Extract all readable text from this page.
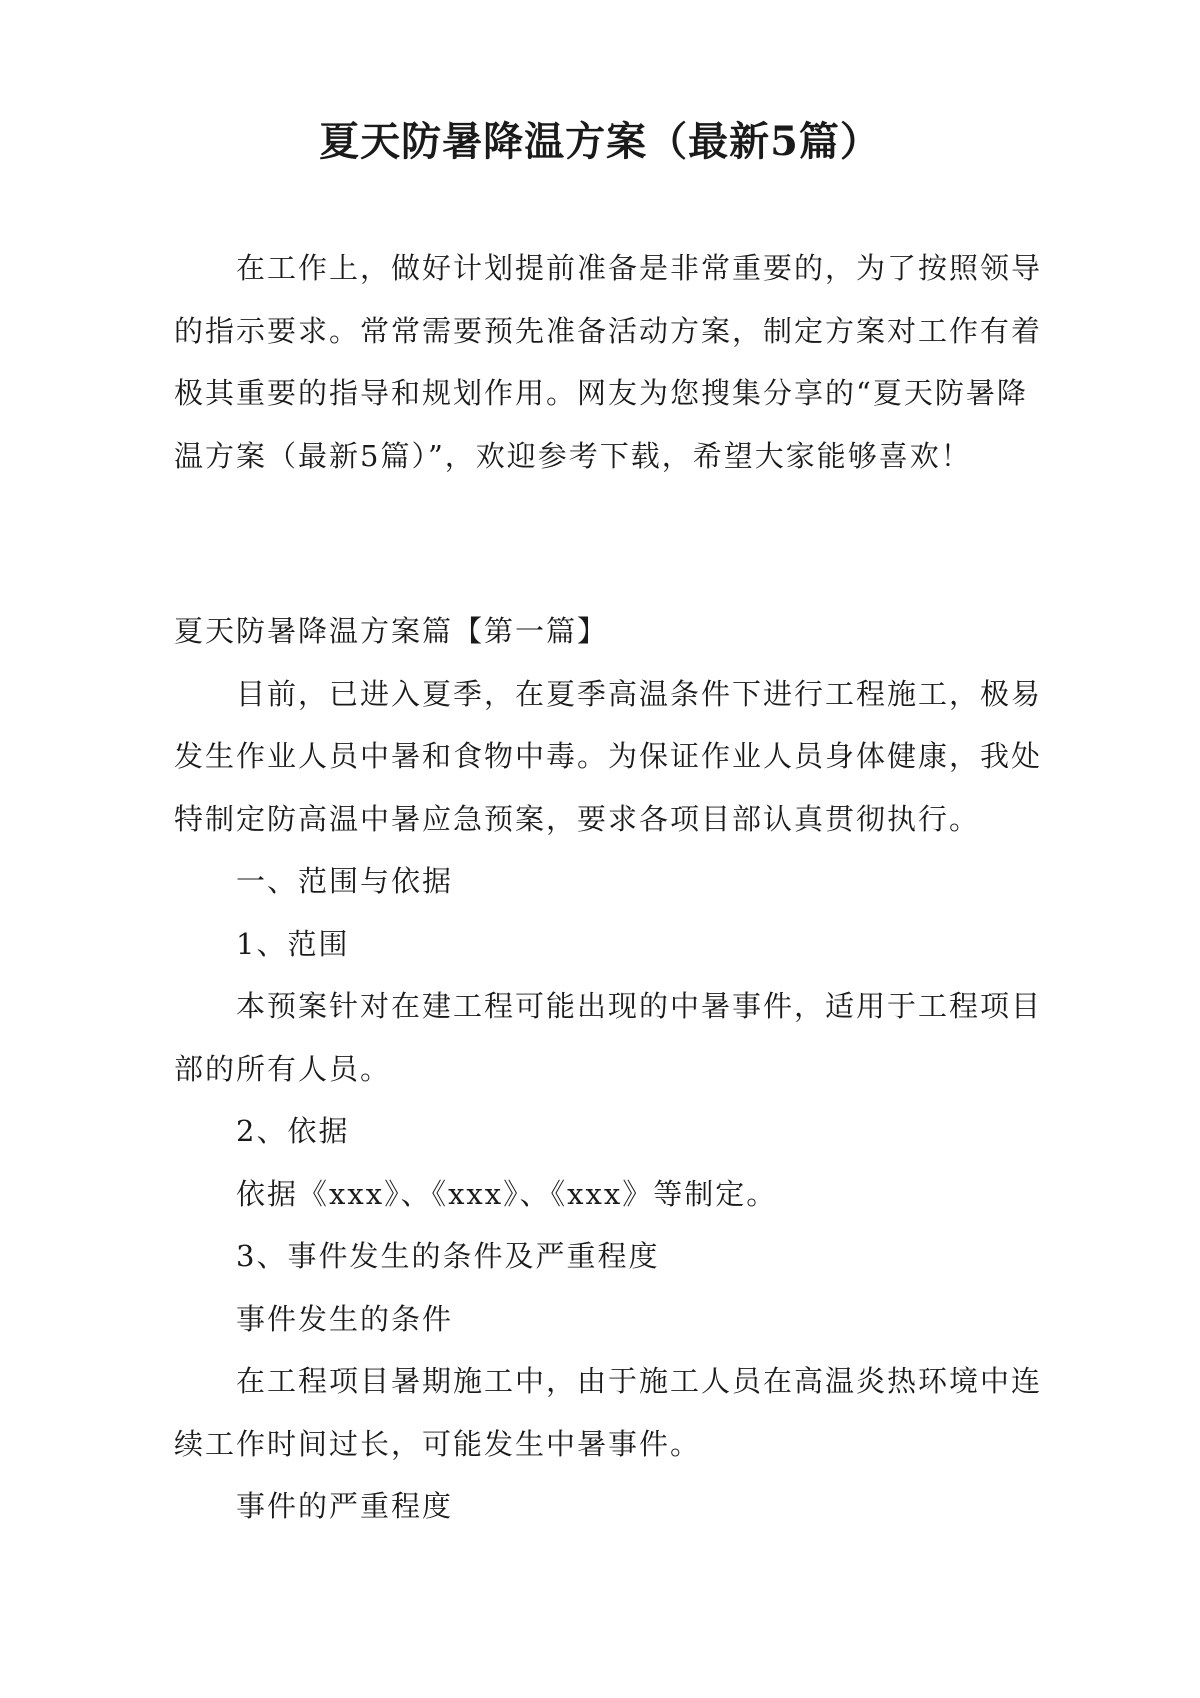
夏天防暑降温方案（最新5篇）
在工作上，做好计划提前准备是非常重要的，为了按照领导的指示要求。常常需要预先准备活动方案，制定方案对工作有着极其重要的指导和规划作用。网友为您搜集分享的“夏天防暑降温方案（最新5篇）”，欢迎参考下载，希望大家能够喜欢！

夏天防暑降温方案篇【第一篇】

目前，已进入夏季，在夏季高温条件下进行工程施工，极易发生作业人员中暑和食物中毒。为保证作业人员身体健康，我处特制定防高温中暑应急预案，要求各项目部认真贯彻执行。

一、范围与依据

1、范围

本预案针对在建工程可能出现的中暑事件，适用于工程项目部的所有人员。

2、依据

依据《xxx》、《xxx》、《xxx》等制定。

3、事件发生的条件及严重程度

事件发生的条件

在工程项目暑期施工中，由于施工人员在高温炎热环境中连续工作时间过长，可能发生中暑事件。

事件的严重程度
